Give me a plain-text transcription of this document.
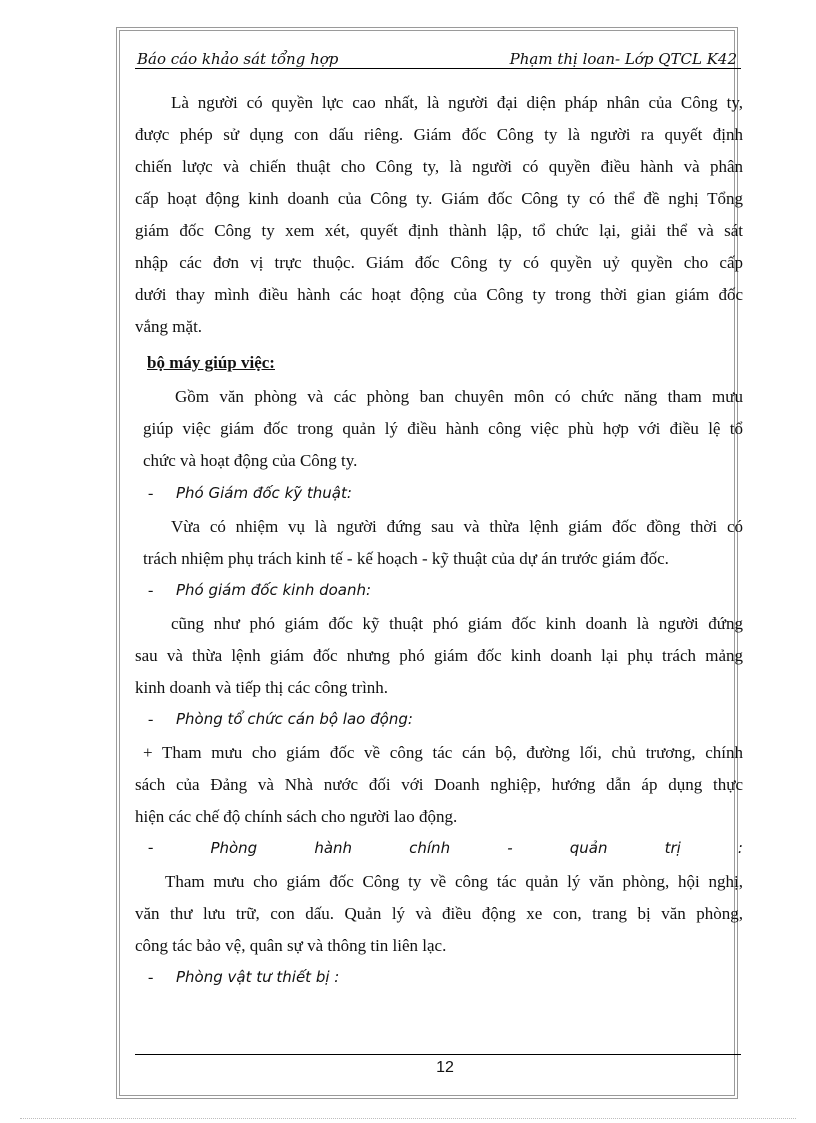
Báo cáo khảo sát tổng hợp	Phạm thị loan- Lớp QTCL K42
Là người có quyền lực cao nhất, là người đại diện pháp nhân của Công ty,
được phép sử dụng con dấu riêng. Giám đốc Công ty là người ra quyết định
chiến lược và chiến thuật cho Công ty, là người có quyền điều hành và phân
cấp hoạt động kinh doanh của Công ty. Giám đốc Công ty có thể đề nghị Tổng
giám đốc Công ty xem xét, quyết định thành lập, tổ chức lại, giải thể và sát
nhập các đơn vị trực thuộc. Giám đốc Công ty có quyền uỷ quyền cho cấp
dưới thay mình điều hành các hoạt động của Công ty trong thời gian giám đốc
vắng mặt.
bộ máy giúp việc:
Gồm văn phòng và các phòng ban chuyên môn có chức năng tham mưu
giúp việc giám đốc trong quản lý điều hành công việc phù hợp với điều lệ tổ
chức và hoạt động của Công ty.
- Phó Giám đốc kỹ thuật:
Vừa có nhiệm vụ là người đứng sau và thừa lệnh giám đốc đồng thời có
trách nhiệm phụ trách kinh tế - kế hoạch - kỹ thuật của dự án trước giám đốc.
- Phó giám đốc kinh doanh:
cũng như phó giám đốc kỹ thuật phó giám đốc kinh doanh là người đứng
sau và thừa lệnh giám đốc nhưng phó giám đốc kinh doanh lại phụ trách mảng
kinh doanh và tiếp thị các công trình.
- Phòng tổ chức cán bộ lao động:
+ Tham mưu cho giám đốc về công tác cán bộ, đường lối, chủ trương, chính
sách của Đảng và Nhà nước đối với Doanh nghiệp, hướng dẫn áp dụng thực
hiện các chế độ chính sách cho người lao động.
-	Phòng	hành	chính	-	quản	trị	:
Tham mưu cho giám đốc Công ty về công tác quản lý văn phòng, hội nghị,
văn thư lưu trữ, con dấu. Quản lý và điều động xe con, trang bị văn phòng,
công tác bảo vệ, quân sự và thông tin liên lạc.
- Phòng vật tư thiết bị :
12
